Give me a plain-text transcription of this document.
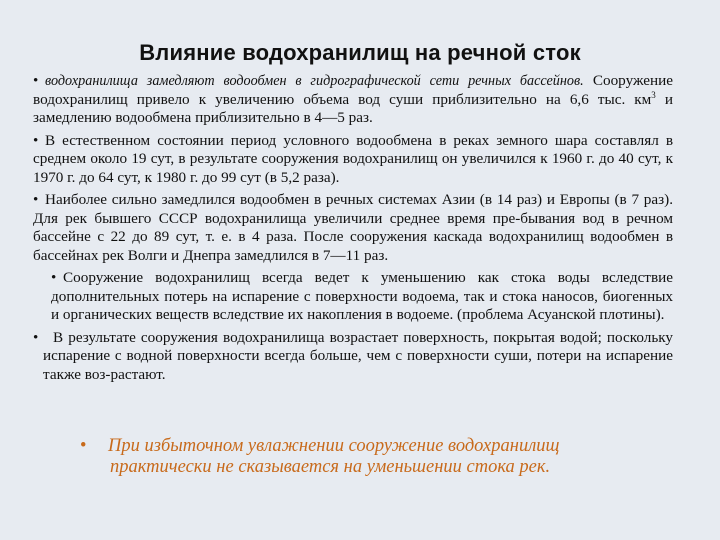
Влияние водохранилищ на речной сток

• водохранилища замедляют водообмен в гидрографической сети речных бассейнов. Сооружение водохранилищ привело к увеличению объема вод суши приблизительно на 6,6 тыс. $км^3$ и замедлению водообмена приблизительно в 4—5 раз.

• В естественном состоянии период условного водообмена в реках земного шара составлял в среднем около 19 сут, в результате сооружения водохранилищ он увеличился к 1960 г. до 40 сут, к 1970 г. до 64 сут, к 1980 г. до 99 сут (в 5,2 раза).

• Наиболее сильно замедлился водообмен в речных системах Азии (в 14 раз) и Европы (в 7 раз). Для рек бывшего СССР водохранилища увеличили среднее время пре-бывания вод в речном бассейне с 22 до 89 сут, т. е. в 4 раза. После сооружения каскада водохранилищ водообмен в бассейнах рек Волги и Днепра замедлился в 7—11 раз.

• Сооружение водохранилищ всегда ведет к уменьшению как стока воды вследствие дополнительных потерь на испарение с поверхности водоема, так и стока наносов, биогенных и органических веществ вследствие их накопления в водоеме. (проблема Асуанской плотины).

• В результате сооружения водохранилища возрастает поверхность, покрытая водой; поскольку испарение с водной поверхности всегда больше, чем с поверхности суши, потери на испарение также воз-растают.

• При избыточном увлажнении сооружение водохранилищ
практически не сказывается на уменьшении стока рек.
